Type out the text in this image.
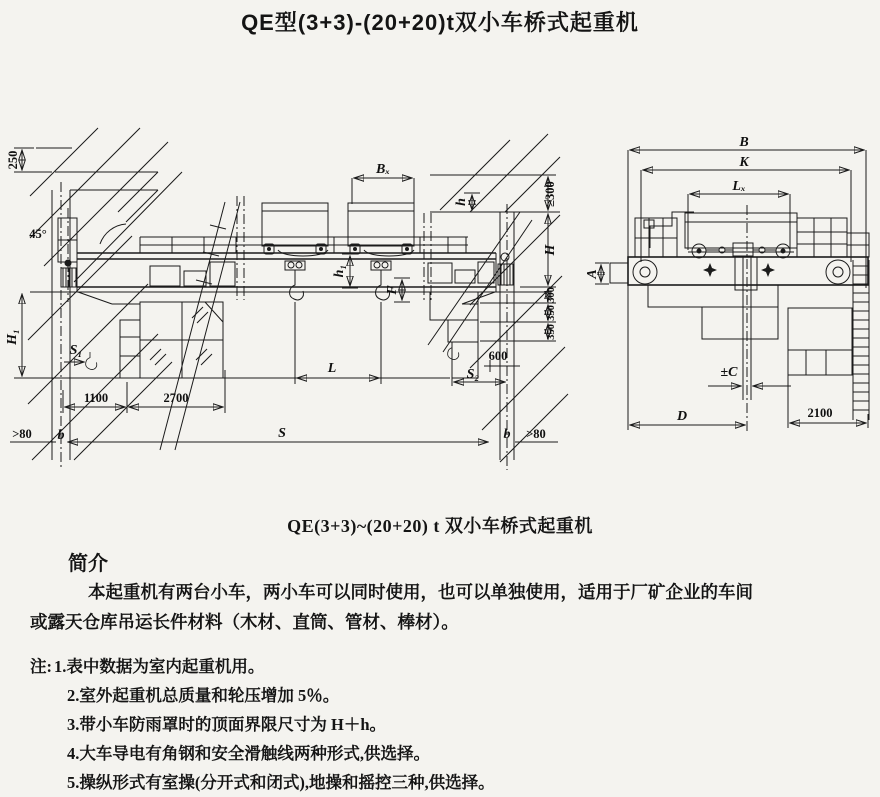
QE型(3+3)-(20+20)t双小车桥式起重机
250
45°
H₁
S₁
1100	2700
S
>80 b
Bₓ
h
h₁
F
L
600
S₂
b >80
≥300
H
300
350
350
B
K
Lₓ
A
±C
D	2100
QE(3+3)~(20+20) t 双小车桥式起重机
简介
本起重机有两台小车，两小车可以同时使用，也可以单独使用，适用于厂矿企业的车间
或露天仓库吊运长件材料（木材、直筒、管材、棒材）。
注: 1.表中数据为室内起重机用。
2.室外起重机总质量和轮压增加 5％。
3.带小车防雨罩时的顶面界限尺寸为 H＋h。
4.大车导电有角钢和安全滑触线两种形式,供选择。
5.操纵形式有室操(分开式和闭式),地操和摇控三种,供选择。
